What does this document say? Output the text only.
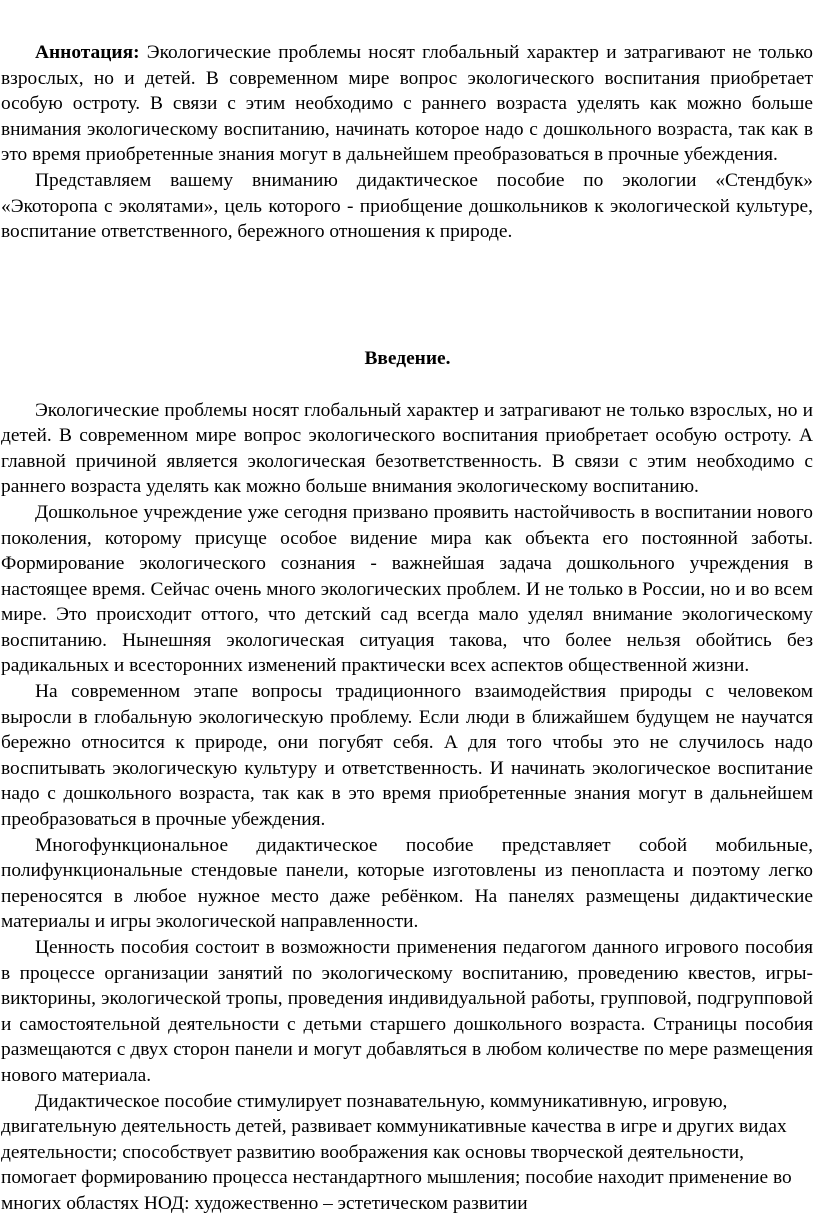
Аннотация: Экологические проблемы носят глобальный характер и затрагивают не только взрослых, но и детей. В современном мире вопрос экологического воспитания приобретает особую остроту. В связи с этим необходимо с раннего возраста уделять как можно больше внимания экологическому воспитанию, начинать которое надо с дошкольного возраста, так как в это время приобретенные знания могут в дальнейшем преобразоваться в прочные убеждения.

Представляем вашему вниманию дидактическое пособие по экологии «Стендбук» «Экоторопа с эколятами», цель которого - приобщение дошкольников к экологической культуре, воспитание ответственного, бережного отношения к природе.

Введение.

Экологические проблемы носят глобальный характер и затрагивают не только взрослых, но и детей. В современном мире вопрос экологического воспитания приобретает особую остроту. А главной причиной является экологическая безответственность. В связи с этим необходимо с раннего возраста уделять как можно больше внимания экологическому воспитанию.

Дошкольное учреждение уже сегодня призвано проявить настойчивость в воспитании нового поколения, которому присуще особое видение мира как объекта его постоянной заботы. Формирование экологического сознания - важнейшая задача дошкольного учреждения в настоящее время. Сейчас очень много экологических проблем. И не только в России, но и во всем мире. Это происходит оттого, что детский сад всегда мало уделял внимание экологическому воспитанию. Нынешняя экологическая ситуация такова, что более нельзя обойтись без радикальных и всесторонних изменений практически всех аспектов общественной жизни.

На современном этапе вопросы традиционного взаимодействия природы с человеком выросли в глобальную экологическую проблему. Если люди в ближайшем будущем не научатся бережно относится к природе, они погубят себя. А для того чтобы это не случилось надо воспитывать экологическую культуру и ответственность. И начинать экологическое воспитание надо с дошкольного возраста, так как в это время приобретенные знания могут в дальнейшем преобразоваться в прочные убеждения.

Многофункциональное дидактическое пособие представляет собой мобильные, полифункциональные стендовые панели, которые изготовлены из пенопласта и поэтому легко переносятся в любое нужное место даже ребёнком. На панелях размещены дидактические материалы и игры экологической направленности.

Ценность пособия состоит в возможности применения педагогом данного игрового пособия в процессе организации занятий по экологическому воспитанию, проведению квестов, игры-викторины, экологической тропы, проведения индивидуальной работы, групповой, подгрупповой и самостоятельной деятельности с детьми старшего дошкольного возраста. Страницы пособия размещаются с двух сторон панели и могут добавляться в любом количестве по мере размещения нового материала.

Дидактическое пособие стимулирует познавательную, коммуникативную, игровую, двигательную деятельность детей, развивает коммуникативные качества в игре и других видах деятельности; способствует развитию воображения как основы творческой деятельности, помогает формированию процесса нестандартного мышления; пособие находит применение во многих областях НОД: художественно – эстетическом развитии
